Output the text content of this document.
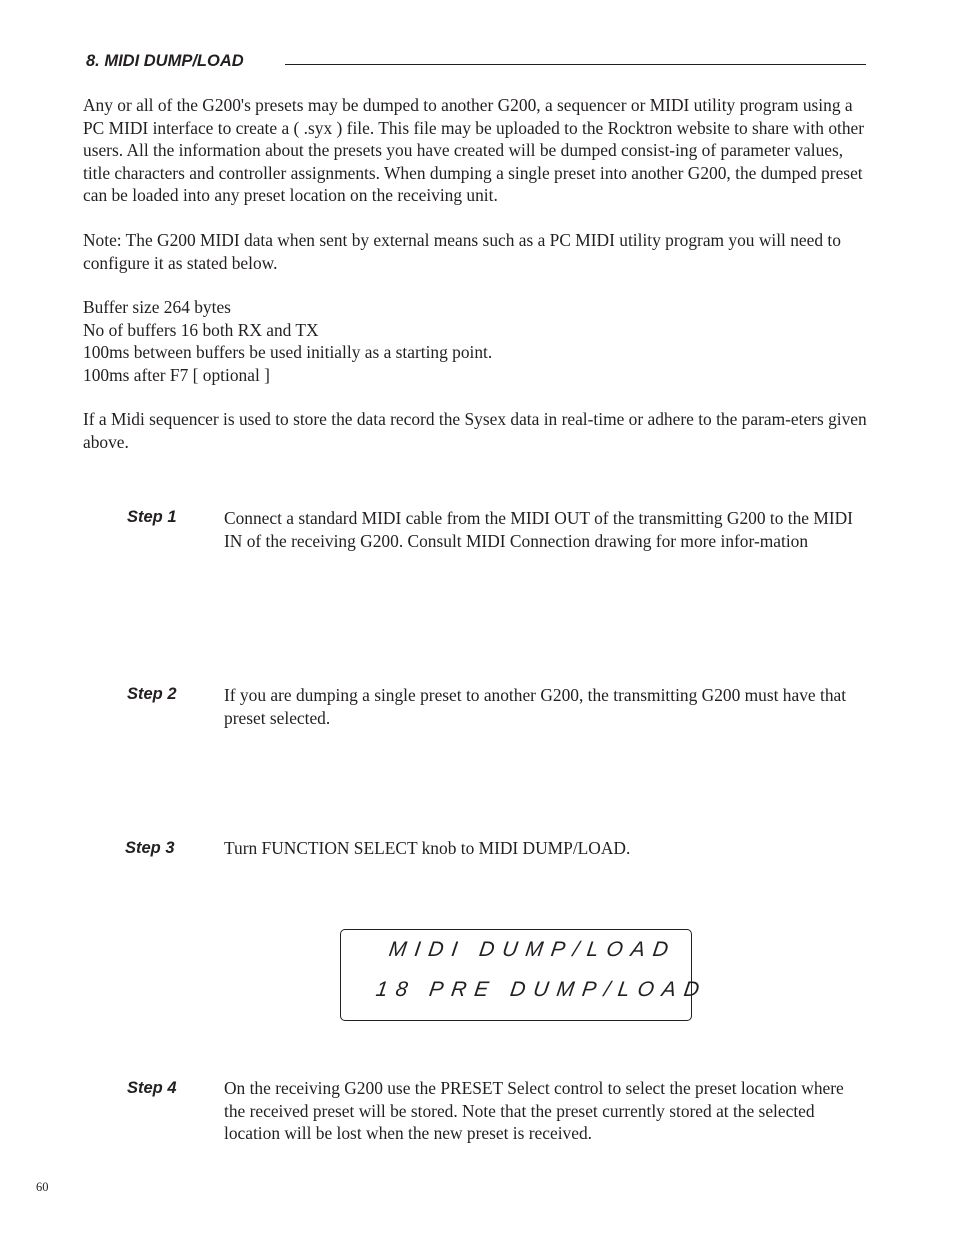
8. MIDI DUMP/LOAD

Any or all of the G200's presets may be dumped to another G200, a sequencer or MIDI utility program using a PC MIDI interface to create a ( .syx ) file. This file may be uploaded to the Rocktron website to share with other users. All the information about the presets you have created will be dumped consist-ing of parameter values, title characters and controller assignments. When dumping a single preset into another G200, the dumped preset can be loaded into any preset location on the receiving unit.

Note: The G200 MIDI data when sent by external means such as a PC MIDI utility program you will need to configure it as stated below.

Buffer size 264 bytes
No of buffers 16 both RX and TX
100ms between buffers be used initially as a starting point.
100ms after F7 [ optional ]

If a Midi sequencer is used to store the data record the Sysex data in real-time or adhere to the param-eters given above.

Step 1	Connect a standard MIDI cable from the MIDI OUT of the transmitting G200 to the MIDI IN of the receiving G200. Consult MIDI Connection drawing for more infor-mation

Step 2	If you are dumping a single preset to another G200, the transmitting G200 must have that preset selected.

Step 3	Turn FUNCTION SELECT knob to MIDI DUMP/LOAD.

MIDI DUMP/LOAD
18 PRE DUMP/LOAD
Step 4	On the receiving G200 use the PRESET Select control to select the preset location where the received preset will be stored. Note that the preset currently stored at the selected location will be lost when the new preset is received.

60
